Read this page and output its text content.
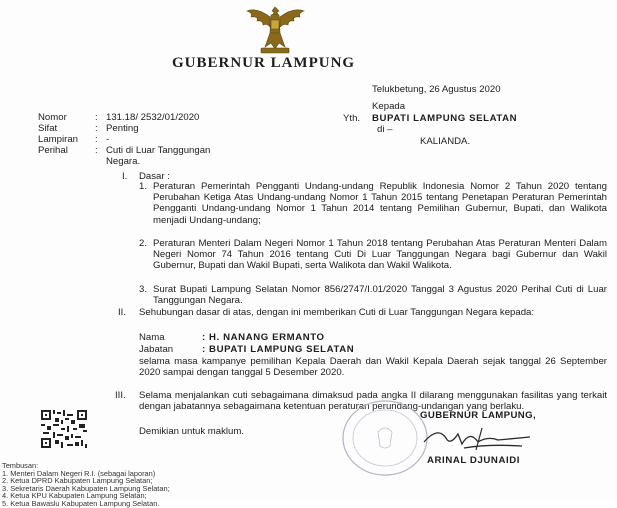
GUBERNUR LAMPUNG
Telukbetung, 26 Agustus 2020
Nomor	: 131.18/ 2532/01/2020
Sifat	: Penting
Lampiran : -
Perihal	: Cuti di Luar Tanggungan
Negara.
Kepada
Yth. BUPATI LAMPUNG SELATAN
di –
KALIANDA.
I. Dasar :
1. Peraturan Pemerintah Pengganti Undang-undang Republik Indonesia Nomor 2 Tahun 2020 tentang Perubahan Ketiga Atas Undang-undang Nomor 1 Tahun 2015 tentang Penetapan Peraturan Pemerintah Pengganti Undang-undang Nomor 1 Tahun 2014 tentang Pemilihan Gubernur, Bupati, dan Walikota menjadi Undang-undang;
2. Peraturan Menteri Dalam Negeri Nomor 1 Tahun 2018 tentang Perubahan Atas Peraturan Menteri Dalam Negeri Nomor 74 Tahun 2016 tentang Cuti Di Luar Tanggungan Negara bagi Gubernur dan Wakil Gubernur, Bupati dan Wakil Bupati, serta Walikota dan Wakil Walikota.
3. Surat Bupati Lampung Selatan Nomor 856/2747/I.01/2020 Tanggal 3 Agustus 2020 Perihal Cuti di Luar Tanggungan Negara.
II. Sehubungan dasar di atas, dengan ini memberikan Cuti di Luar Tanggungan Negara kepada:
Nama	: H. NANANG ERMANTO
Jabatan	: BUPATI LAMPUNG SELATAN
selama masa kampanye pemilihan Kepala Daerah dan Wakil Kepala Daerah sejak tanggal 26 September 2020 sampai dengan tanggal 5 Desember 2020.
III. Selama menjalankan cuti sebagaimana dimaksud pada angka II dilarang menggunakan fasilitas yang terkait dengan jabatannya sebagaimana ketentuan peraturan perundang-undangan yang berlaku.
Demikian untuk maklum.
GUBERNUR LAMPUNG,
ARINAL DJUNAIDI
Tembusan:
1. Menteri Dalam Negeri R.I. (sebagai laporan)
2. Ketua DPRD Kabupaten Lampung Selatan;
3. Sekretaris Daerah Kabupaten Lampung Selatan;
4. Ketua KPU Kabupaten Lampung Selatan;
5. Ketua Bawaslu Kabupaten Lampung Selatan.
